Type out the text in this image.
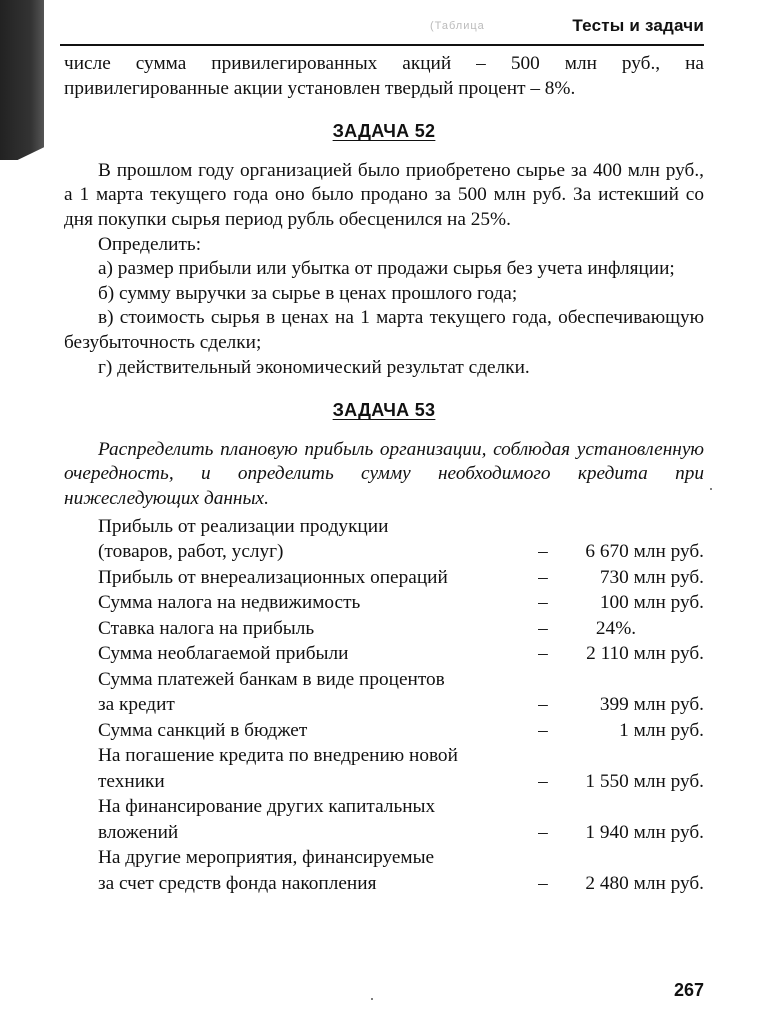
(Таблица	Тесты и задачи

числе сумма привилегированных акций – 500 млн руб., на привилегированные акции установлен твердый процент – 8%.

ЗАДАЧА 52

В прошлом году организацией было приобретено сырье за 400 млн руб., а 1 марта текущего года оно было продано за 500 млн руб. За истекший со дня покупки сырья период рубль обесценился на 25%.

Определить:

а) размер прибыли или убытка от продажи сырья без учета инфляции;

б) сумму выручки за сырье в ценах прошлого года;

в) стоимость сырья в ценах на 1 марта текущего года, обеспечивающую безубыточность сделки;

г) действительный экономический результат сделки.

ЗАДАЧА 53

Распределить плановую прибыль организации, соблюдая установленную очередность, и определить сумму необходимого кредита при нижеследующих данных.

Прибыль от реализации продукции		
(товаров, работ, услуг)	–	6 670 млн руб.
Прибыль от внереализационных операций	–	730 млн руб.
Сумма налога на недвижимость	–	100 млн руб.
Ставка налога на прибыль	–	24%.
Сумма необлагаемой прибыли	–	2 110 млн руб.
Сумма платежей банкам в виде процентов		
за кредит	–	399 млн руб.
Сумма санкций в бюджет	–	1 млн руб.
На погашение кредита по внедрению новой		
техники	–	1 550 млн руб.
На финансирование других капитальных		
вложений	–	1 940 млн руб.
На другие мероприятия, финансируемые		
за счет средств фонда накопления	–	2 480 млн руб.
267
